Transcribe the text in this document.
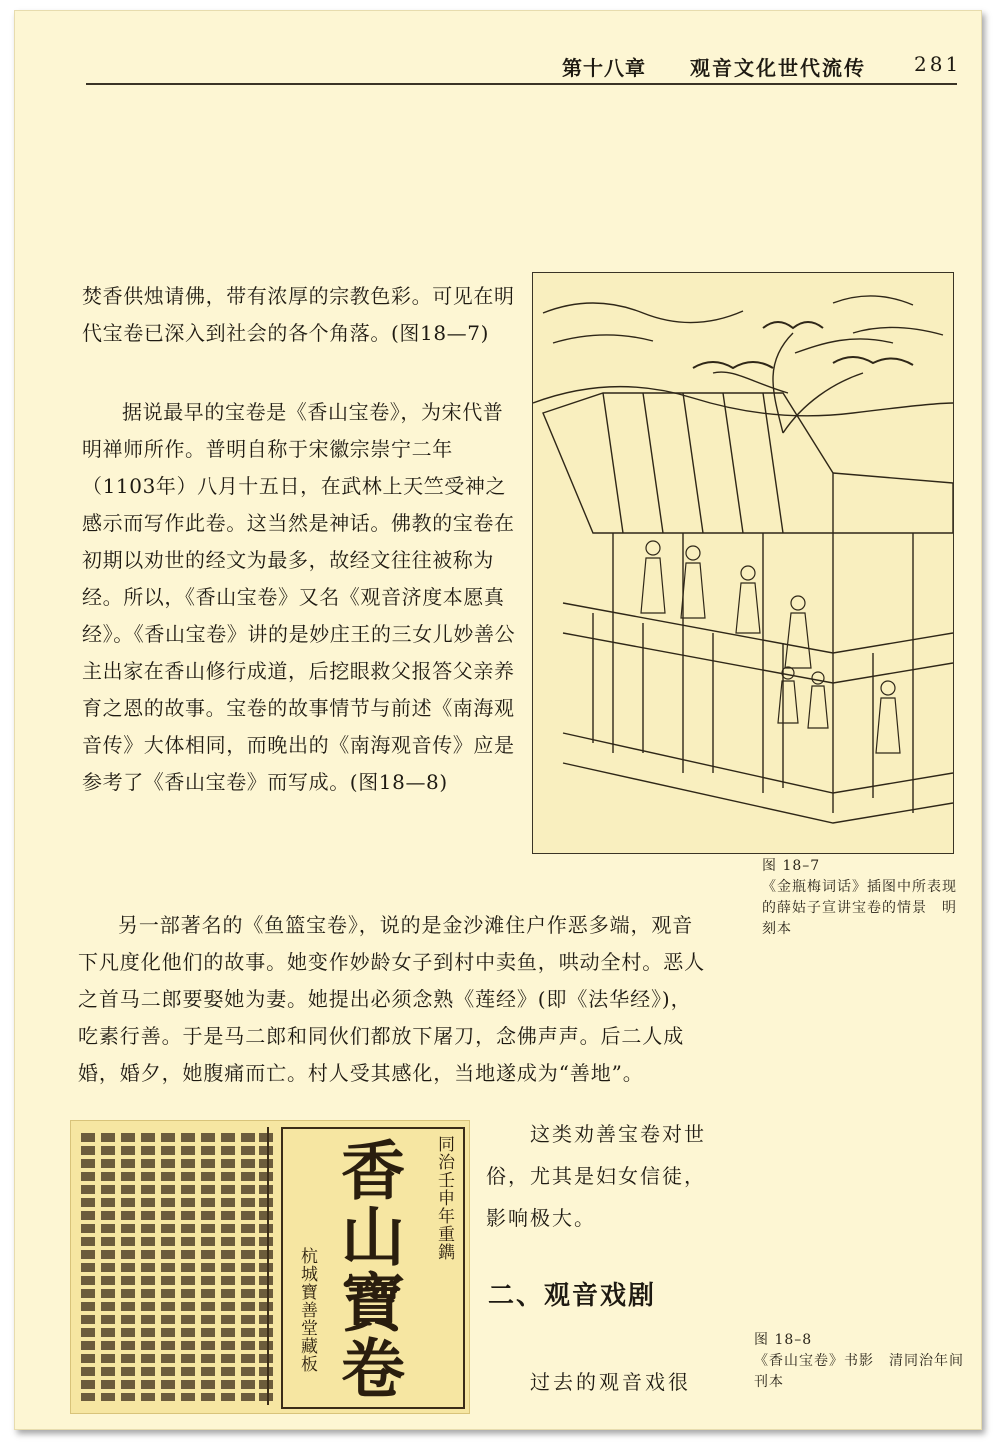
第十八章 观音文化世代流传 281

焚香供烛请佛，带有浓厚的宗教色彩。可见在明代宝卷已深入到社会的各个角落。(图18—7)

据说最早的宝卷是《香山宝卷》，为宋代普明禅师所作。普明自称于宋徽宗崇宁二年（1103年）八月十五日，在武林上天竺受神之感示而写作此卷。这当然是神话。佛教的宝卷在初期以劝世的经文为最多，故经文往往被称为经。所以，《香山宝卷》又名《观音济度本愿真经》。《香山宝卷》讲的是妙庄王的三女儿妙善公主出家在香山修行成道，后挖眼救父报答父亲养育之恩的故事。宝卷的故事情节与前述《南海观音传》大体相同，而晚出的《南海观音传》应是参考了《香山宝卷》而写成。(图18—8)

另一部著名的《鱼篮宝卷》，说的是金沙滩住户作恶多端，观音下凡度化他们的故事。她变作妙龄女子到村中卖鱼，哄动全村。恶人之首马二郎要娶她为妻。她提出必须念熟《莲经》(即《法华经》)，吃素行善。于是马二郎和同伙们都放下屠刀，念佛声声。后二人成婚，婚夕，她腹痛而亡。村人受其感化，当地遂成为“善地”。

这类劝善宝卷对世俗，尤其是妇女信徒，影响极大。

二、观音戏剧
过去的观音戏很
图 18–7
《金瓶梅词话》插图中所表现的薛姑子宣讲宝卷的情景　明刻本
同治壬申年重鐫
香山寶卷
杭城寶善堂藏板	图 18–8
《香山宝卷》书影　清同治年间刊本
